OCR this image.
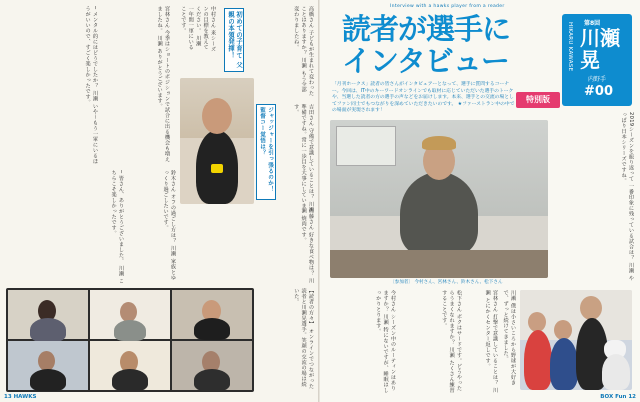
─ メンタル的にはどうでしたか？ 川瀬 いや〜もう一軍にいるほうがいいので、すごく楽しかったです。	宮林さん 今季はショートのポジションで試合に出る機会も増えましたね。 川瀬 ありがとうございます。	中村さん 来シーズンの目標を教えてください。 川瀬 一年間一軍にいることです。	初めての子育て 父親の本領発揮！	高橋さん 子どもが生まれて変わったことはありますか？ 川瀬 もう全部変わりましたね。
ジャッジャーを引っ張るのか！ 監督コー覚悟は？	吉田さん 守備で意識していることは？ 川瀬 準備ですね。常に一歩目を大事にしています。
─ 皆さん、ありがとうございました。 川瀬 こちらこそ楽しかったです。	鈴木さん オフの過ごし方は？ 川瀬 家族とゆっくり過ごしたいです。
佐藤さん 好きな食べ物は？ 川瀬 焼肉です。
【読者の方々】 オンラインでつながった読者と川瀬晃選手。笑顔の交流の場は続いた。
13 HAWKS
Interview with a hawks player from a reader
読者が選手に
インタビュー
特別版
HIKARU KAWASE 第8回
川瀬晃
内野手
#00
「月刊ホークス」読者の皆さんがインタビュアーとなって、選手に質問するコーナー。今回は、IT中のキーワードオンラインでも取材に応じていただいた選手のトークや、当選した読者の方の選手の声などをお届けします。本来、選手との交流の場としてファン同士でもつながりを深めていただきたいのです。 ★ファーストラン中の中での場面が実現されます！
〔参加者〕 今村さん、宮林さん、鈴木さん、松下さん
2019シーズンを振り返って 一番印象に残っている試合は？ 川瀬 やっぱり日本シリーズですね。
今村さん シーズン中のルーティンはありますか？ 川瀬 特にないですが、睡眠はしっかりとります。	松下さん ボクはサードです。どうやったらうまくなれますか？ 川瀬 たくさん練習することです。	宮林さん 打撃で意識していることは？ 川瀬 とにかくセンター返しです。	川瀬 僕は小さいころから野球が大好きで、ずっと続けてきました。
BOX Fun 12
